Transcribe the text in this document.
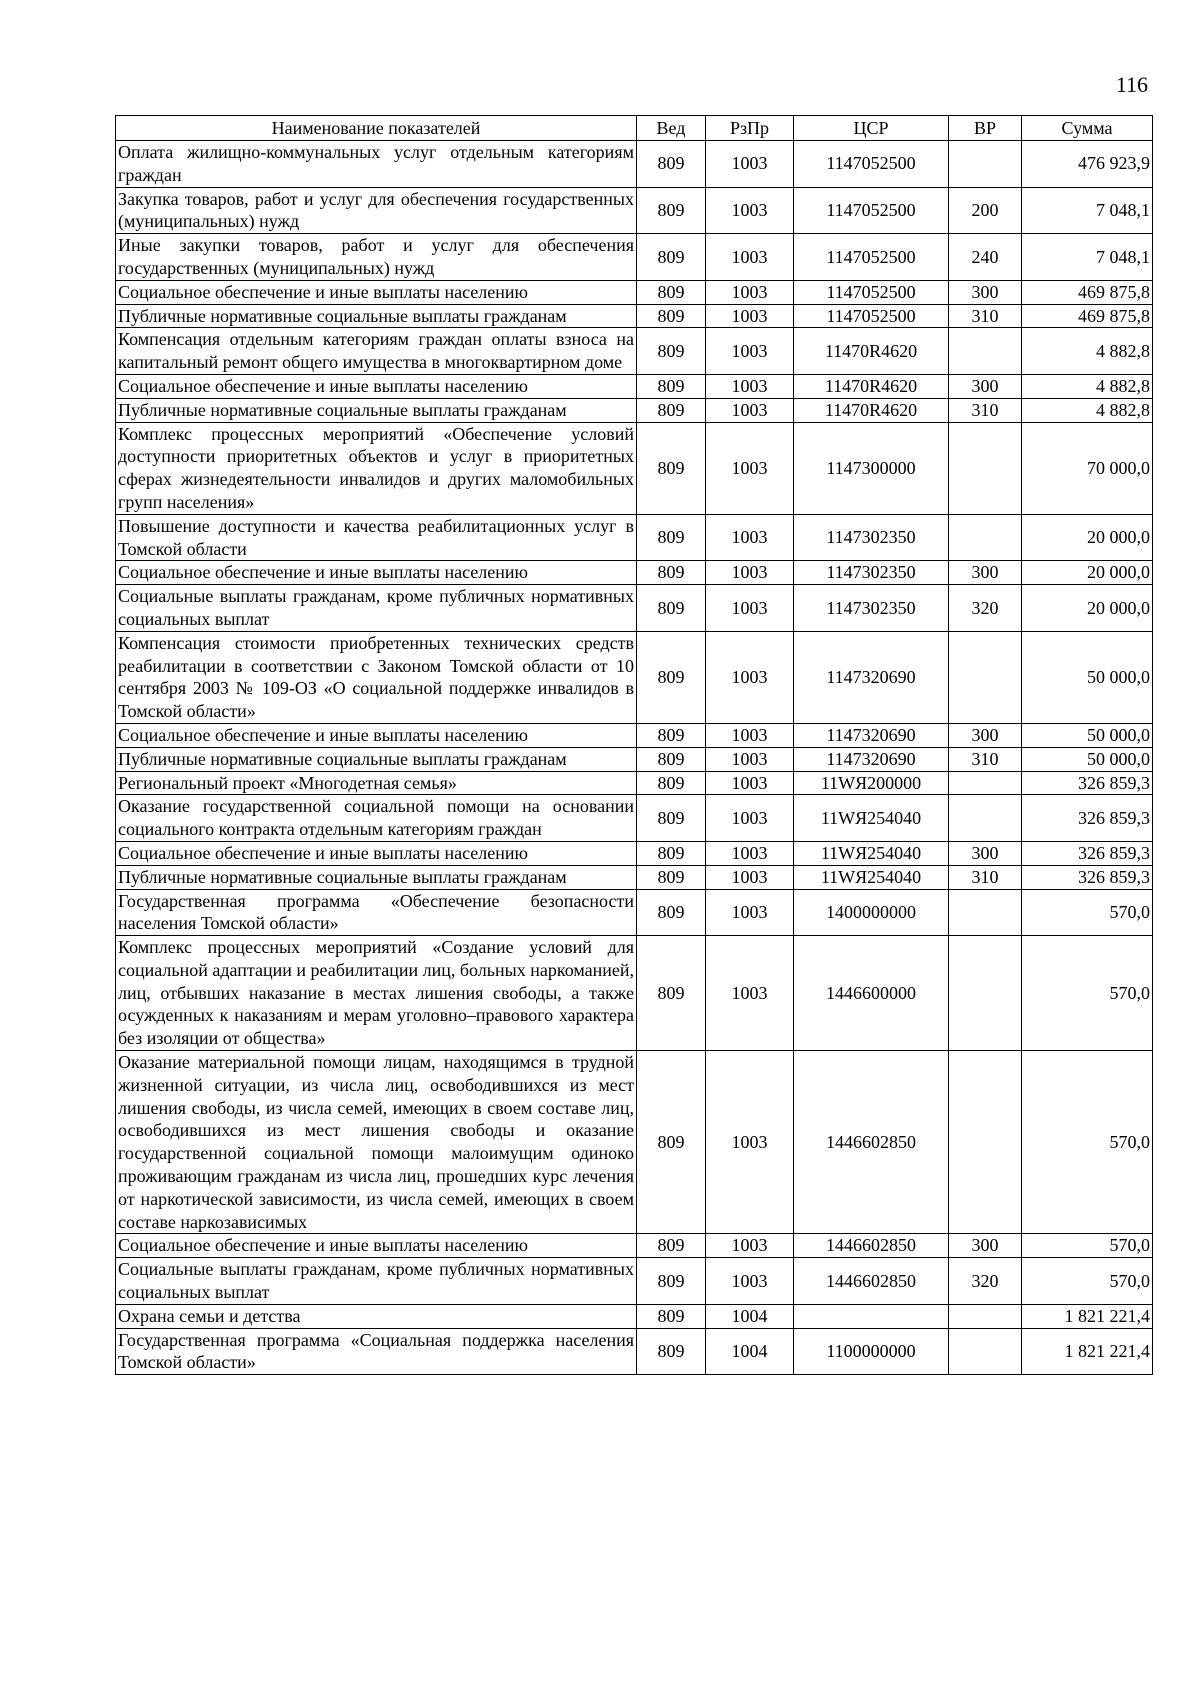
116
Наименование показателей	Вед	РзПр	ЦСР	ВР	Сумма
Оплата жилищно-коммунальных услуг отдельным категориям граждан	809	1003	1147052500		476 923,9
Закупка товаров, работ и услуг для обеспечения государственных (муниципальных) нужд	809	1003	1147052500	200	7 048,1
Иные закупки товаров, работ и услуг для обеспечения государственных (муниципальных) нужд	809	1003	1147052500	240	7 048,1
Социальное обеспечение и иные выплаты населению	809	1003	1147052500	300	469 875,8
Публичные нормативные социальные выплаты гражданам	809	1003	1147052500	310	469 875,8
Компенсация отдельным категориям граждан оплаты взноса на капитальный ремонт общего имущества в многоквартирном доме	809	1003	11470R4620		4 882,8
Социальное обеспечение и иные выплаты населению	809	1003	11470R4620	300	4 882,8
Публичные нормативные социальные выплаты гражданам	809	1003	11470R4620	310	4 882,8
Комплекс процессных мероприятий «Обеспечение условий доступности приоритетных объектов и услуг в приоритетных сферах жизнедеятельности инвалидов и других маломобильных групп населения»	809	1003	1147300000		70 000,0
Повышение доступности и качества реабилитационных услуг в Томской области	809	1003	1147302350		20 000,0
Социальное обеспечение и иные выплаты населению	809	1003	1147302350	300	20 000,0
Социальные выплаты гражданам, кроме публичных нормативных социальных выплат	809	1003	1147302350	320	20 000,0
Компенсация стоимости приобретенных технических средств реабилитации в соответствии с Законом Томской области от 10 сентября 2003 № 109-ОЗ «О социальной поддержке инвалидов в Томской области»	809	1003	1147320690		50 000,0
Социальное обеспечение и иные выплаты населению	809	1003	1147320690	300	50 000,0
Публичные нормативные социальные выплаты гражданам	809	1003	1147320690	310	50 000,0
Региональный проект «Многодетная семья»	809	1003	11WЯ200000		326 859,3
Оказание государственной социальной помощи на основании социального контракта отдельным категориям граждан	809	1003	11WЯ254040		326 859,3
Социальное обеспечение и иные выплаты населению	809	1003	11WЯ254040	300	326 859,3
Публичные нормативные социальные выплаты гражданам	809	1003	11WЯ254040	310	326 859,3
Государственная программа «Обеспечение безопасности населения Томской области»	809	1003	1400000000		570,0
Комплекс процессных мероприятий «Создание условий для социальной адаптации и реабилитации лиц, больных наркоманией, лиц, отбывших наказание в местах лишения свободы, а также осужденных к наказаниям и мерам уголовно–правового характера без изоляции от общества»	809	1003	1446600000		570,0
Оказание материальной помощи лицам, находящимся в трудной жизненной ситуации, из числа лиц, освободившихся из мест лишения свободы, из числа семей, имеющих в своем составе лиц, освободившихся из мест лишения свободы и оказание государственной социальной помощи малоимущим одиноко проживающим гражданам из числа лиц, прошедших курс лечения от наркотической зависимости, из числа семей, имеющих в своем составе наркозависимых	809	1003	1446602850		570,0
Социальное обеспечение и иные выплаты населению	809	1003	1446602850	300	570,0
Социальные выплаты гражданам, кроме публичных нормативных социальных выплат	809	1003	1446602850	320	570,0
Охрана семьи и детства	809	1004			1 821 221,4
Государственная программа «Социальная поддержка населения Томской области»	809	1004	1100000000		1 821 221,4
